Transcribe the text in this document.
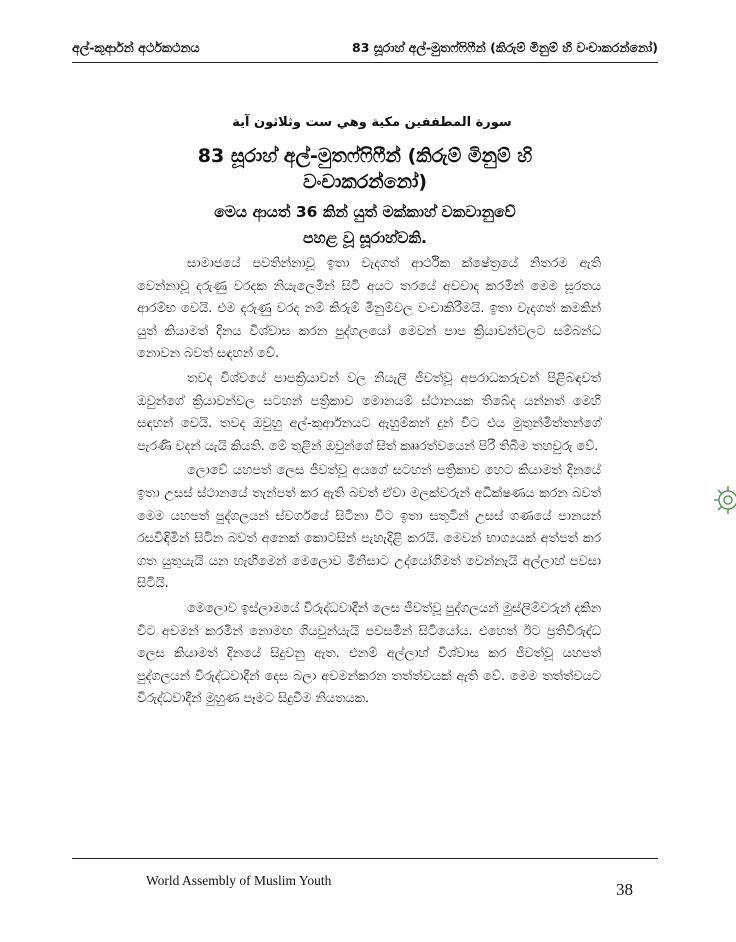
අල්-කුර්ආන් අර්ථකථනය	83 සූරාහ් අල්-මුතෆ්ෆිෆීන් (කිරුම් මිනුම් හි වංචාකරන්නෝ)
سورة المطففين مكية وهي ست وثلاثون آية
83 සූරාහ් අල්-මුතෆ්ෆිෆීන් (කිරුම් මිනුම් හි
වංචාකරන්නෝ)
මෙය ආයත් 36 කින් යුත් මක්කාහ් වකවානුවේ
පහළ වූ සූරාහ්වකි.

සාමාජයේ පවතින්නාවූ ඉතා වැදගත් ආර්ථික ක්ෂේත්‍රයේ නිතරම ඇති වෙන්නාවූ දරුණු වරදක නියැලෙමින් සිටි අයට තරයේ අවවාද කරමින් මෙම සූරතය ආරම්භ වෙයි. එම දරුණු වරද නම් කිරුම් මිනුම්වල වංචාකිරීමයි. ඉතා වැදගත් කමකින් යුත් කියාමත් දිනය විශ්වාස කරන පුද්ගලයෝ මෙවන් පාප ක්‍රියාවන්වලට සම්බන්ධ නොවන බවත් සඳහන් වේ.

තවද විශ්වයේ පාපක්‍රියාවන් වල නියැලී ජීවත්වූ අපරාධකරුවන් පිළිබඳවත් ඔවුන්ගේ ක්‍රියාවන්වල සටහන් පත්‍රිකාව මොනයම් ස්ථානයක තිබේද යන්නත් මෙහි සඳහන් වෙයි. තවද ඔවුහු අල්-කුර්ආනයට ඇහුම්කන් දුන් විට එය මුතුන්මිත්තන්ගේ පැරණි වදන් යැයි කියති. මේ තුළින් ඔවුන්ගේ සිත් කෘෘරත්වයෙන් පිරී තිබීම තහවුරු වේ.

ලොවේ යහපත් ලෙස ජීවත්වූ අයගේ සටහන් පත්‍රිකාව හෙට කියාමත් දිනයේ ඉතා උසස් ස්ථානයේ තැන්පත් කර ඇති බවත් ඒවා මලක්වරුන් අධීක්ෂණය කරන බවත් මෙම යහපත් පුද්ගලයන් ස්වර්ගයේ සිටිනා විට ඉතා සතුටින් උසස් ගණයේ පානයන් රසවිඳිමින් සිටින බවත් අනෙක් කොටසින් පැහැදිළි කරයි. මෙවන් භාග්‍යයක් අත්පත් කර ගත යුතුයැයි යන හැඟීමෙන් මෙලොව මිනිසාට උද්යෝගිමත් වෙන්නැයි අල්ලාහ් පවසා සිටියි.

මෙලොව ඉස්ලාමයේ විරුද්ධවාදීන් ලෙස ජීවත්වූ පුද්ගලයන් මුස්ලිම්වරුන් දකින විට අවමන් කරමින් නොමඟ ගියවුන්යැයි පවසමින් සිටියෝය. එහෙත් ඊට ප්‍රතිවිරුද්ධ ලෙස කියාමත් දිනයේ සිදුවනු ඇත. එනම් අල්ලාහ් විශ්වාස කර ජීවත්වූ යහපත් පුද්ගලයන් විරුද්ධවාදීන් දෙස බලා අවමන්කරන තත්ත්වයක් ඇති වේ. මෙම තත්ත්වයට විරුද්ධවාදීන් මුහුණ පෑමට සිදුවීම නියතයක.

World Assembly of Muslim Youth	38
